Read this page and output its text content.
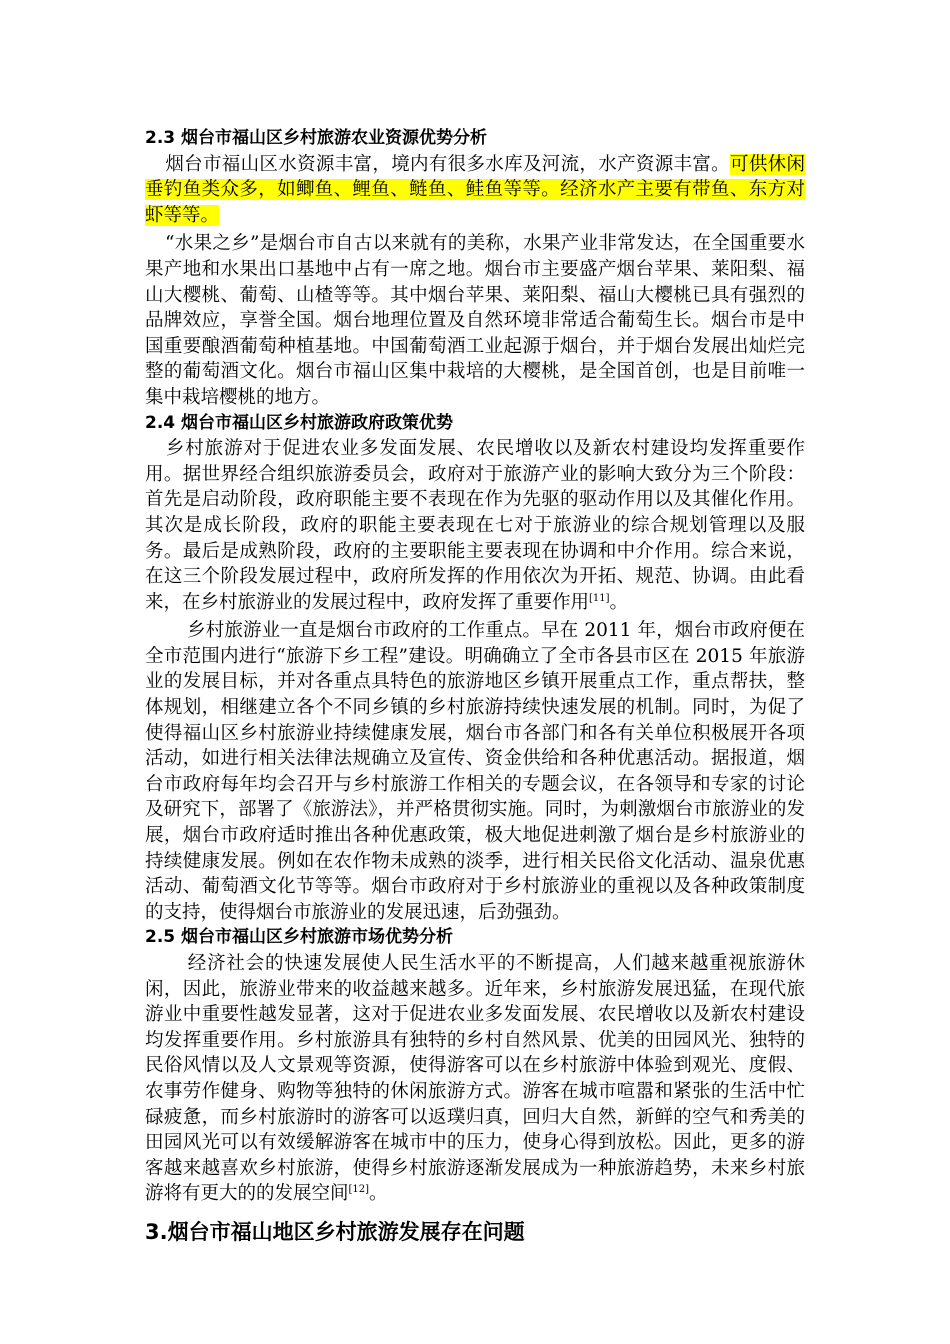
2.3 烟台市福山区乡村旅游农业资源优势分析

烟台市福山区水资源丰富，境内有很多水库及河流，水产资源丰富。可供休闲垂钓鱼类众多，如鲫鱼、鲤鱼、鲢鱼、鲑鱼等等。经济水产主要有带鱼、东方对虾等等。

“水果之乡”是烟台市自古以来就有的美称，水果产业非常发达，在全国重要水果产地和水果出口基地中占有一席之地。烟台市主要盛产烟台苹果、莱阳梨、福山大樱桃、葡萄、山楂等等。其中烟台苹果、莱阳梨、福山大樱桃已具有强烈的品牌效应，享誉全国。烟台地理位置及自然环境非常适合葡萄生长。烟台市是中国重要酿酒葡萄种植基地。中国葡萄酒工业起源于烟台，并于烟台发展出灿烂完整的葡萄酒文化。烟台市福山区集中栽培的大樱桃，是全国首创，也是目前唯一集中栽培樱桃的地方。

2.4 烟台市福山区乡村旅游政府政策优势

乡村旅游对于促进农业多发面发展、农民增收以及新农村建设均发挥重要作用。据世界经合组织旅游委员会，政府对于旅游产业的影响大致分为三个阶段：首先是启动阶段，政府职能主要不表现在作为先驱的驱动作用以及其催化作用。其次是成长阶段，政府的职能主要表现在七对于旅游业的综合规划管理以及服务。最后是成熟阶段，政府的主要职能主要表现在协调和中介作用。综合来说，在这三个阶段发展过程中，政府所发挥的作用依次为开拓、规范、协调。由此看来，在乡村旅游业的发展过程中，政府发挥了重要作用[11]。

乡村旅游业一直是烟台市政府的工作重点。早在 2011 年，烟台市政府便在全市范围内进行“旅游下乡工程”建设。明确确立了全市各县市区在 2015 年旅游业的发展目标，并对各重点具特色的旅游地区乡镇开展重点工作，重点帮扶，整体规划，相继建立各个不同乡镇的乡村旅游持续快速发展的机制。同时，为促了使得福山区乡村旅游业持续健康发展，烟台市各部门和各有关单位积极展开各项活动，如进行相关法律法规确立及宣传、资金供给和各种优惠活动。据报道，烟台市政府每年均会召开与乡村旅游工作相关的专题会议，在各领导和专家的讨论及研究下，部署了《旅游法》，并严格贯彻实施。同时，为刺激烟台市旅游业的发展，烟台市政府适时推出各种优惠政策，极大地促进刺激了烟台是乡村旅游业的持续健康发展。例如在农作物未成熟的淡季，进行相关民俗文化活动、温泉优惠活动、葡萄酒文化节等等。烟台市政府对于乡村旅游业的重视以及各种政策制度的支持，使得烟台市旅游业的发展迅速，后劲强劲。

2.5 烟台市福山区乡村旅游市场优势分析

经济社会的快速发展使人民生活水平的不断提高，人们越来越重视旅游休闲，因此，旅游业带来的收益越来越多。近年来，乡村旅游发展迅猛，在现代旅游业中重要性越发显著，这对于促进农业多发面发展、农民增收以及新农村建设均发挥重要作用。乡村旅游具有独特的乡村自然风景、优美的田园风光、独特的民俗风情以及人文景观等资源，使得游客可以在乡村旅游中体验到观光、度假、农事劳作健身、购物等独特的休闲旅游方式。游客在城市喧嚣和紧张的生活中忙碌疲惫，而乡村旅游时的游客可以返璞归真，回归大自然，新鲜的空气和秀美的田园风光可以有效缓解游客在城市中的压力，使身心得到放松。因此，更多的游客越来越喜欢乡村旅游，使得乡村旅游逐渐发展成为一种旅游趋势，未来乡村旅游将有更大的的发展空间[12]。

3.烟台市福山地区乡村旅游发展存在问题
